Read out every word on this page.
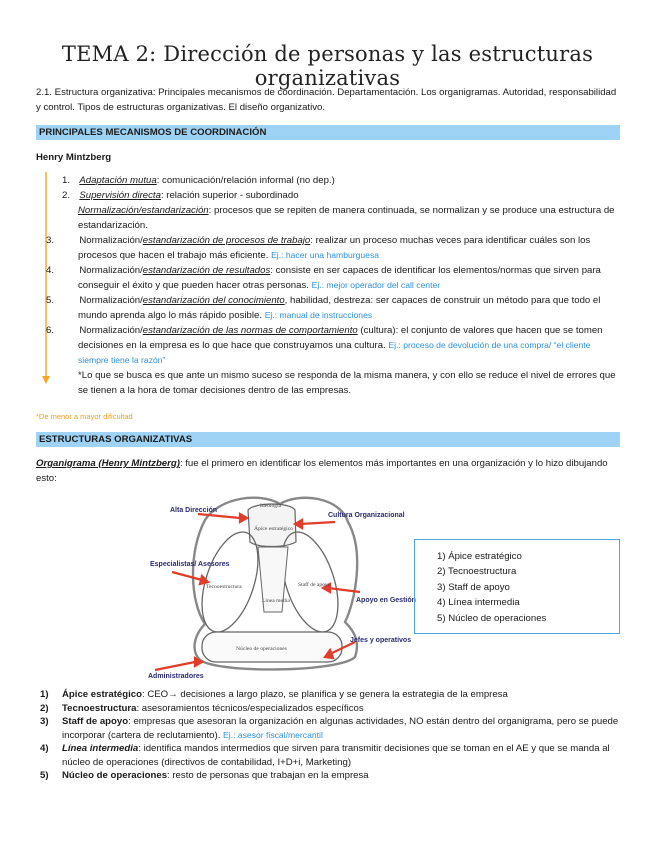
TEMA 2: Dirección de personas y las estructuras organizativas
2.1. Estructura organizativa: Principales mecanismos de coordinación. Departamentación. Los organigramas. Autoridad, responsabilidad y control. Tipos de estructuras organizativas. El diseño organizativo.
PRINCIPALES MECANISMOS DE COORDINACIÓN
Henry Mintzberg
1. Adaptación mutua: comunicación/relación informal (no dep.)
2. Supervisión directa: relación superior - subordinado
Normalización/estandarización: procesos que se repiten de manera continuada, se normalizan y se produce una estructura de estandarización.
3.	Normalización/estandarización de procesos de trabajo: realizar un proceso muchas veces para identificar cuáles son los procesos que hacen el trabajo más eficiente. Ej.: hacer una hamburguesa
4.	Normalización/estandarización de resultados: consiste en ser capaces de identificar los elementos/normas que sirven para conseguir el éxito y que pueden hacer otras personas. Ej.: mejor operador del call center
5.	Normalización/estandarización del conocimiento, habilidad, destreza: ser capaces de construir un método para que todo el mundo aprenda algo lo más rápido posible. Ej.: manual de instrucciones
6.	Normalización/estandarización de las normas de comportamiento (cultura): el conjunto de valores que hacen que se tomen decisiones en la empresa es lo que hace que construyamos una cultura. Ej.: proceso de devolución de una compra/ “el cliente siempre tiene la razón”
*Lo que se busca es que ante un mismo suceso se responda de la misma manera, y con ello se reduce el nivel de errores que se tienen a la hora de tomar decisiones dentro de las empresas.
*De menor a mayor dificultad
ESTRUCTURAS ORGANIZATIVAS
Organigrama (Henry Mintzberg): fue el primero en identificar los elementos más importantes en una organización y lo hizo dibujando esto:
Alta Dirección
Cultura Organizacional
Especialistas/ Asesores
Apoyo en Gestión
Jefes y operativos
Administradores
Ideología
Ápice estratégico
Tecnoestructura	Staff de apoyo
Línea media
Núcleo de operaciones
1) Ápice estratégico
2) Tecnoestructura
3) Staff de apoyo
4) Línea intermedia
5) Núcleo de operaciones
1) Ápice estratégico: CEO→ decisiones a largo plazo, se planifica y se genera la estrategia de la empresa
2) Tecnoestructura: asesoramientos técnicos/especializados específicos
3) Staff de apoyo: empresas que asesoran la organización en algunas actividades, NO están dentro del organigrama, pero se puede incorporar (cartera de reclutamiento). Ej.: asesor fiscal/mercantil
4) Línea intermedia: identifica mandos intermedios que sirven para transmitir decisiones que se toman en el AE y que se manda al núcleo de operaciones (directivos de contabilidad, I+D+i, Marketing)
5) Núcleo de operaciones: resto de personas que trabajan en la empresa
